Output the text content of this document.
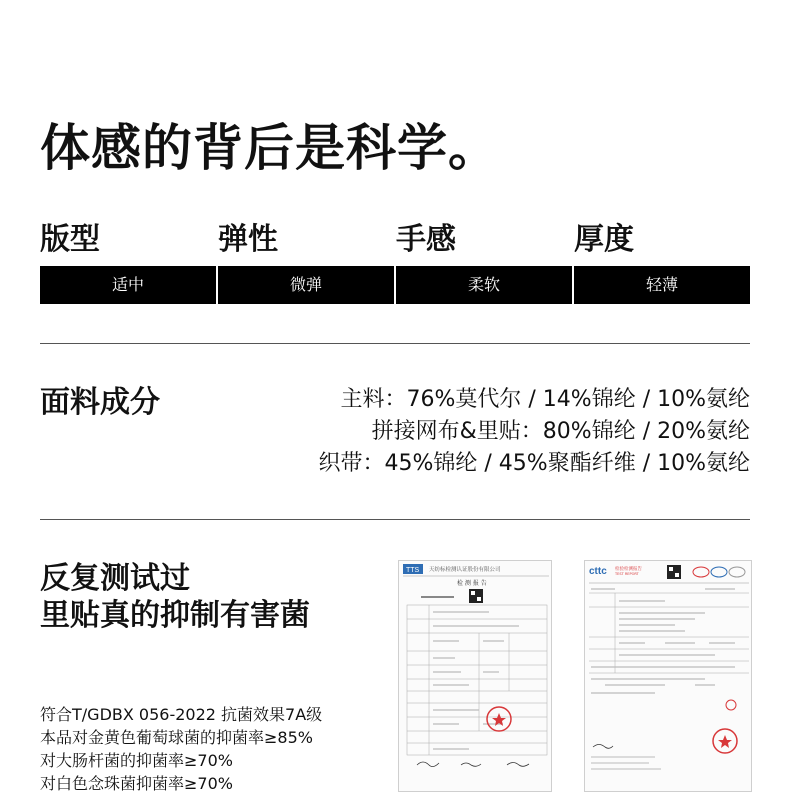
体感的背后是科学。
版型
适中
弹性
微弹
手感
柔软
厚度
轻薄
面料成分	主料：76%莫代尔 / 14%锦纶 / 10%氨纶
拼接网布&里贴：80%锦纶 / 20%氨纶
织带：45%锦纶 / 45%聚酯纤维 / 10%氨纶
反复测试过
里贴真的抑制有害菌
符合T/GDBX 056-2022 抗菌效果7A级
本品对金黄色葡萄球菌的抑菌率≥85%
对大肠杆菌的抑菌率≥70%
对白色念珠菌抑菌率≥70%
TTS 天纺标检测认证股份有限公司
检 测 报 告
cttc 检验检测报告
TEST REPORT
